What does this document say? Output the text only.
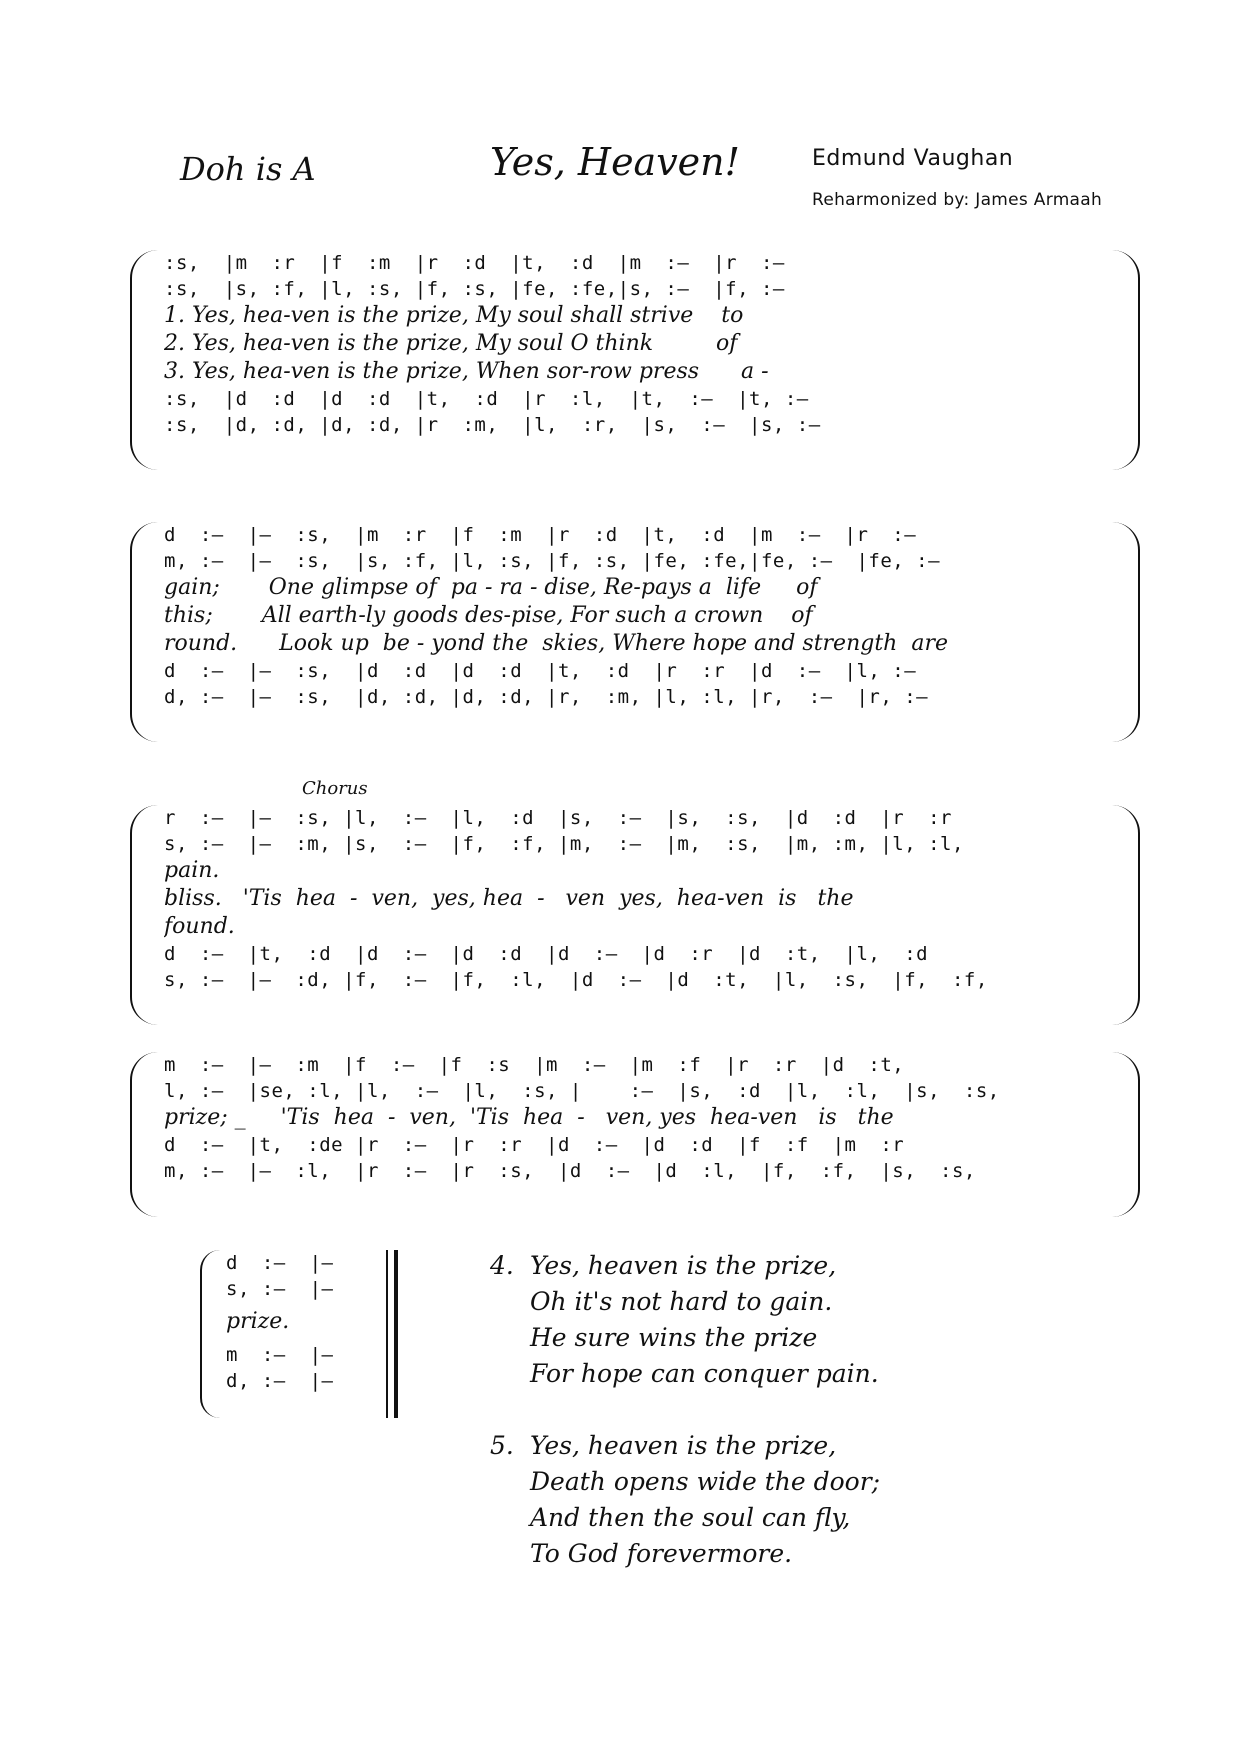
Doh is A	Yes, Heaven!	Edmund Vaughan
Reharmonized by: James Armaah
:s,  |m  :r  |f  :m  |r  :d  |t,  :d  |m  :—  |r  :—
:s,  |s, :f, |l, :s, |f, :s, |fe, :fe,|s, :—  |f, :—
1. Yes, hea-ven is the prize, My soul shall strive    to
2. Yes, hea-ven is the prize, My soul O think         of
3. Yes, hea-ven is the prize, When sor-row press      a -
:s,  |d  :d  |d  :d  |t,  :d  |r  :l,  |t,  :—  |t, :—
:s,  |d, :d, |d, :d, |r  :m,  |l,  :r,  |s,  :—  |s, :—
d  :—  |—  :s,  |m  :r  |f  :m  |r  :d  |t,  :d  |m  :—  |r  :—
m, :—  |—  :s,  |s, :f, |l, :s, |f, :s, |fe, :fe,|fe, :—  |fe, :—
gain;       One glimpse of  pa - ra - dise, Re-pays a  life     of
this;       All earth-ly goods des-pise, For such a crown    of
round.      Look up  be - yond the  skies, Where hope and strength  are
d  :—  |—  :s,  |d  :d  |d  :d  |t,  :d  |r  :r  |d  :—  |l, :—
d, :—  |—  :s,  |d, :d, |d, :d, |r,  :m, |l, :l, |r,  :—  |r, :—
Chorus
r  :—  |—  :s, |l,  :—  |l,  :d  |s,  :—  |s,  :s,  |d  :d  |r  :r
s, :—  |—  :m, |s,  :—  |f,  :f, |m,  :—  |m,  :s,  |m, :m, |l, :l,
pain.
bliss.   'Tis  hea  -  ven,  yes, hea  -   ven  yes,  hea-ven  is   the
found.
d  :—  |t,  :d  |d  :—  |d  :d  |d  :—  |d  :r  |d  :t,  |l,  :d
s, :—  |—  :d, |f,  :—  |f,  :l,  |d  :—  |d  :t,  |l,  :s,  |f,  :f,
m  :—  |—  :m  |f  :—  |f  :s  |m  :—  |m  :f  |r  :r  |d  :t,
l, :—  |se, :l, |l,  :—  |l,  :s, |    :—  |s,  :d  |l,  :l,  |s,  :s,
prize; _     'Tis  hea  -  ven,  'Tis  hea  -   ven, yes  hea-ven   is   the
d  :—  |t,  :de |r  :—  |r  :r  |d  :—  |d  :d  |f  :f  |m  :r
m, :—  |—  :l,  |r  :—  |r  :s,  |d  :—  |d  :l,  |f,  :f,  |s,  :s,
d  :—  |—
s, :—  |—
prize.
m  :—  |—
d, :—  |—
4. Yes, heaven is the prize,
Oh it's not hard to gain.
He sure wins the prize
For hope can conquer pain.
5. Yes, heaven is the prize,
Death opens wide the door;
And then the soul can fly,
To God forevermore.
